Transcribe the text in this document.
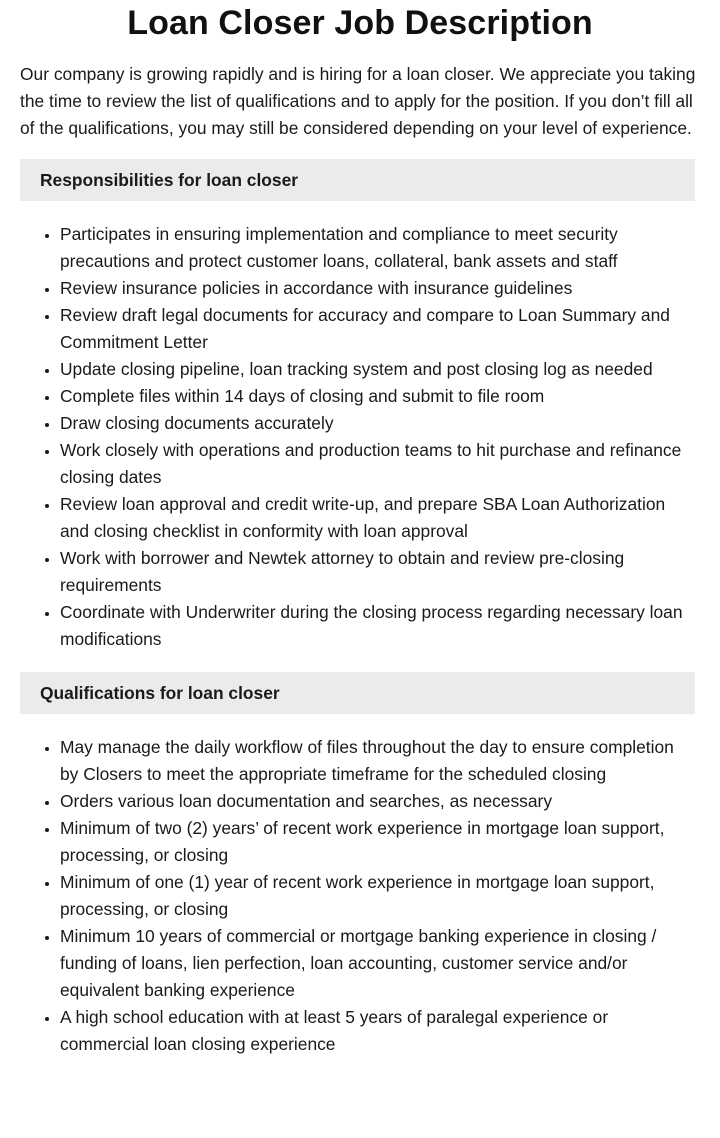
Loan Closer Job Description

Our company is growing rapidly and is hiring for a loan closer. We appreciate you taking the time to review the list of qualifications and to apply for the position. If you don’t fill all of the qualifications, you may still be considered depending on your level of experience.

Responsibilities for loan closer
• Participates in ensuring implementation and compliance to meet security precautions and protect customer loans, collateral, bank assets and staff
• Review insurance policies in accordance with insurance guidelines
• Review draft legal documents for accuracy and compare to Loan Summary and Commitment Letter
• Update closing pipeline, loan tracking system and post closing log as needed
• Complete files within 14 days of closing and submit to file room
• Draw closing documents accurately
• Work closely with operations and production teams to hit purchase and refinance closing dates
• Review loan approval and credit write-up, and prepare SBA Loan Authorization and closing checklist in conformity with loan approval
• Work with borrower and Newtek attorney to obtain and review pre-closing requirements
• Coordinate with Underwriter during the closing process regarding necessary loan modifications
Qualifications for loan closer
• May manage the daily workflow of files throughout the day to ensure completion by Closers to meet the appropriate timeframe for the scheduled closing
• Orders various loan documentation and searches, as necessary
• Minimum of two (2) years’ of recent work experience in mortgage loan support, processing, or closing
• Minimum of one (1) year of recent work experience in mortgage loan support, processing, or closing
• Minimum 10 years of commercial or mortgage banking experience in closing / funding of loans, lien perfection, loan accounting, customer service and/or equivalent banking experience
• A high school education with at least 5 years of paralegal experience or commercial loan closing experience
